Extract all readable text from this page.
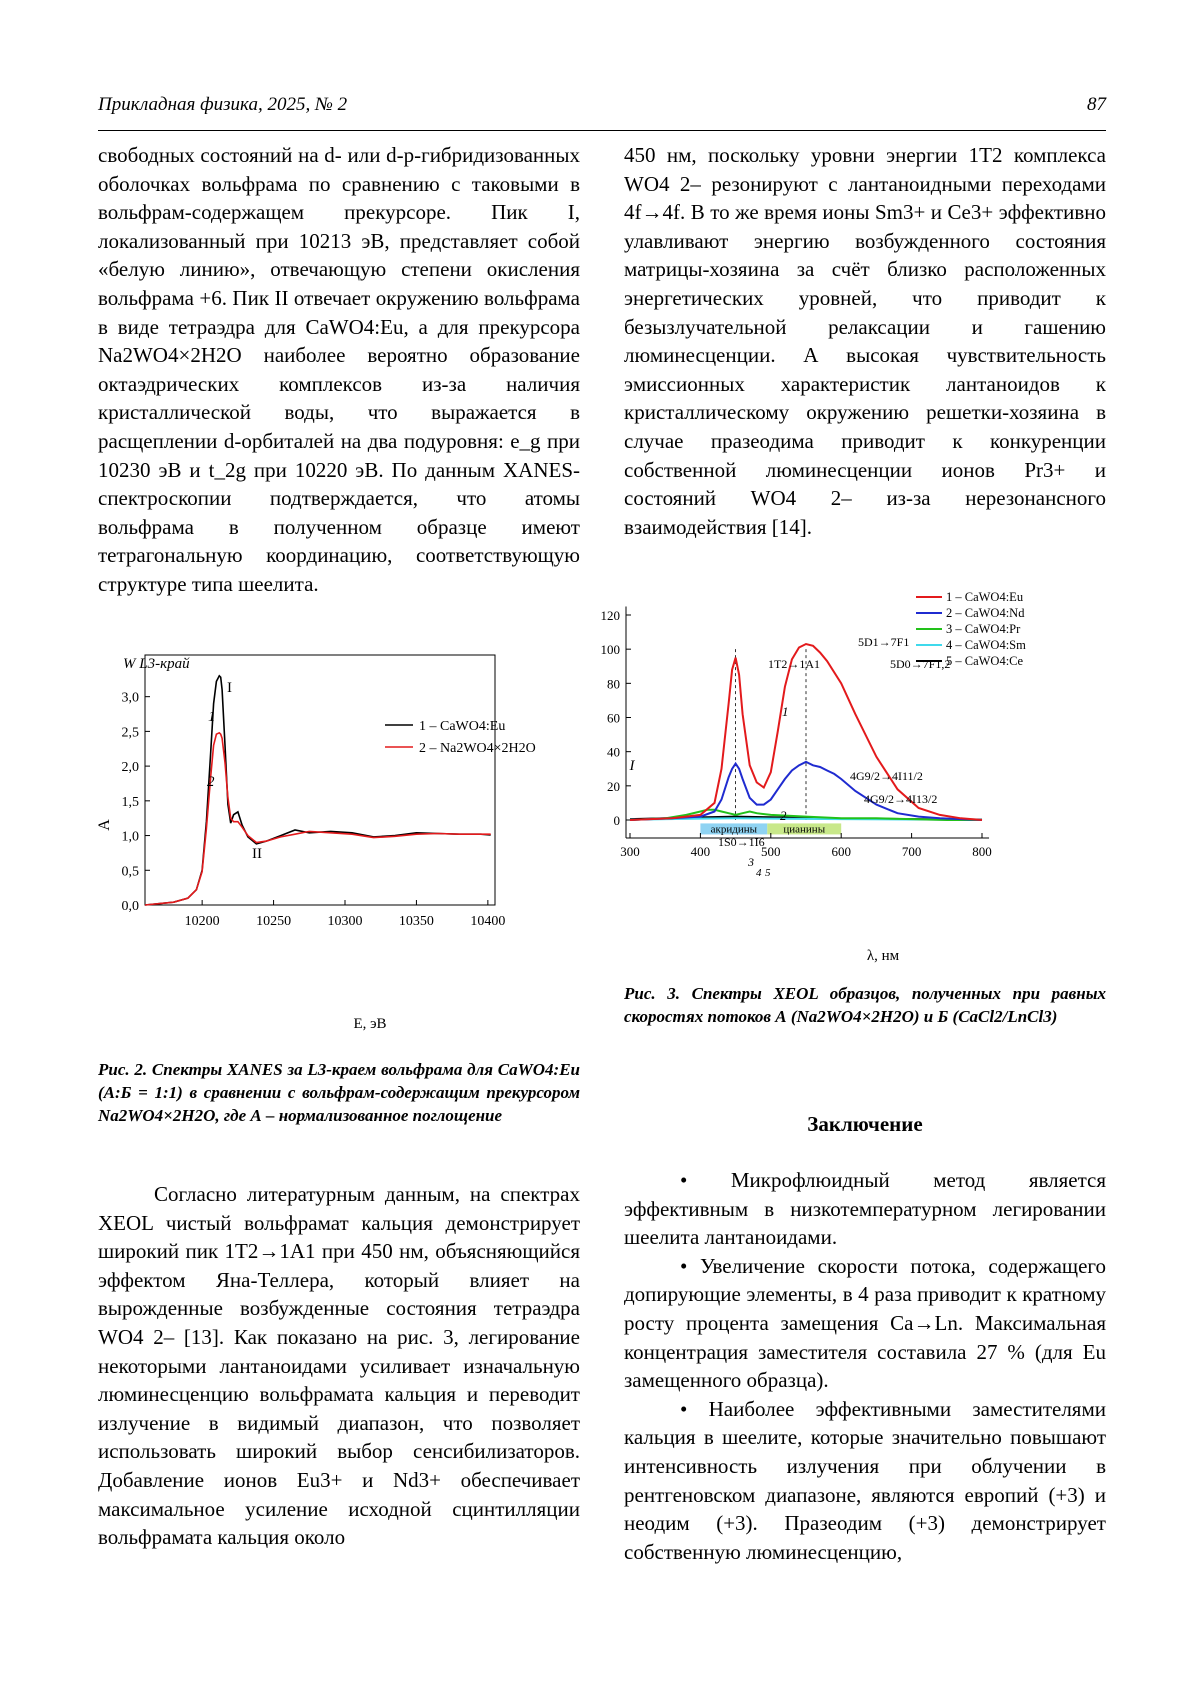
Прикладная физика, 2025, № 2	87

свободных состояний на d- или d-p-гибридизованных оболочках вольфрама по сравнению с таковыми в вольфрам-содержащем прекурсоре. Пик I, локализованный при 10213 эВ, представляет собой «белую линию», отвечающую степени окисления вольфрама +6. Пик II отвечает окружению вольфрама в виде тетраэдра для CaWO4:Eu, а для прекурсора Na2WO4×2H2O наиболее вероятно образование октаэдрических комплексов из-за наличия кристаллической воды, что выражается в расщеплении d-орбиталей на два подуровня: e_g при 10230 эВ и t_2g при 10220 эВ. По данным XANES-спектроскопии подтверждается, что атомы вольфрама в полученном образце имеют тетрагональную координацию, соответствующую структуре типа шеелита.

W L3-край
0,0
0,5
1,0
1,5
2,0
2,5
3,0
10200	10250	10300	10350	10400
A
E, эВ
I
II
1
2
1 – CaWO4:Eu
2 – Na2WO4×2H2O
Рис. 2. Спектры XANES за L3-краем вольфрама для CaWO4:Eu (А:Б = 1:1) в сравнении с вольфрам-содержащим прекурсором Na2WO4×2H2O, где А – нормализованное поглощение

Согласно литературным данным, на спектрах XEOL чистый вольфрамат кальция демонстрирует широкий пик 1T2→1A1 при 450 нм, объясняющийся эффектом Яна-Теллера, который влияет на вырожденные возбужденные состояния тетраэдра WO4 2– [13]. Как показано на рис. 3, легирование некоторыми лантаноидами усиливает изначальную люминесценцию вольфрамата кальция и переводит излучение в видимый диапазон, что позволяет использовать широкий выбор сенсибилизаторов. Добавление ионов Eu3+ и Nd3+ обеспечивает максимальное усиление исходной сцинтилляции вольфрамата кальция около

450 нм, поскольку уровни энергии 1T2 комплекса WO4 2– резонируют с лантаноидными переходами 4f→4f. В то же время ионы Sm3+ и Ce3+ эффективно улавливают энергию возбужденного состояния матрицы-хозяина за счёт близко расположенных энергетических уровней, что приводит к безызлучательной релаксации и гашению люминесценции. А высокая чувствительность эмиссионных характеристик лантаноидов к кристаллическому окружению решетки-хозяина в случае празеодима приводит к конкуренции собственной люминесценции ионов Pr3+ и состояний WO4 2– из-за нерезонансного взаимодействия [14].

акридины цианины
0
20
40
60
80
100
120
300	400	500	600	700	800
I
λ, нм
1T2→1A1
5D1→7F1
5D0→7F1,2
4G9/2→4I11/2
4G9/2→4I13/2
1S0→1I6
1
2
3
4 5
1 – CaWO4:Eu
2 – CaWO4:Nd
3 – CaWO4:Pr
4 – CaWO4:Sm
5 – CaWO4:Ce
Рис. 3. Спектры XEOL образцов, полученных при равных скоростях потоков А (Na2WO4×2H2O) и Б (CaCl2/LnCl3)
Заключение

• Микрофлюидный метод является эффективным в низкотемпературном легировании шеелита лантаноидами.

• Увеличение скорости потока, содержащего допирующие элементы, в 4 раза приводит к кратному росту процента замещения Ca→Ln. Максимальная концентрация заместителя составила 27 % (для Eu замещенного образца).

• Наиболее эффективными заместителями кальция в шеелите, которые значительно повышают интенсивность излучения при облучении в рентгеновском диапазоне, являются европий (+3) и неодим (+3). Празеодим (+3) демонстрирует собственную люминесценцию,
